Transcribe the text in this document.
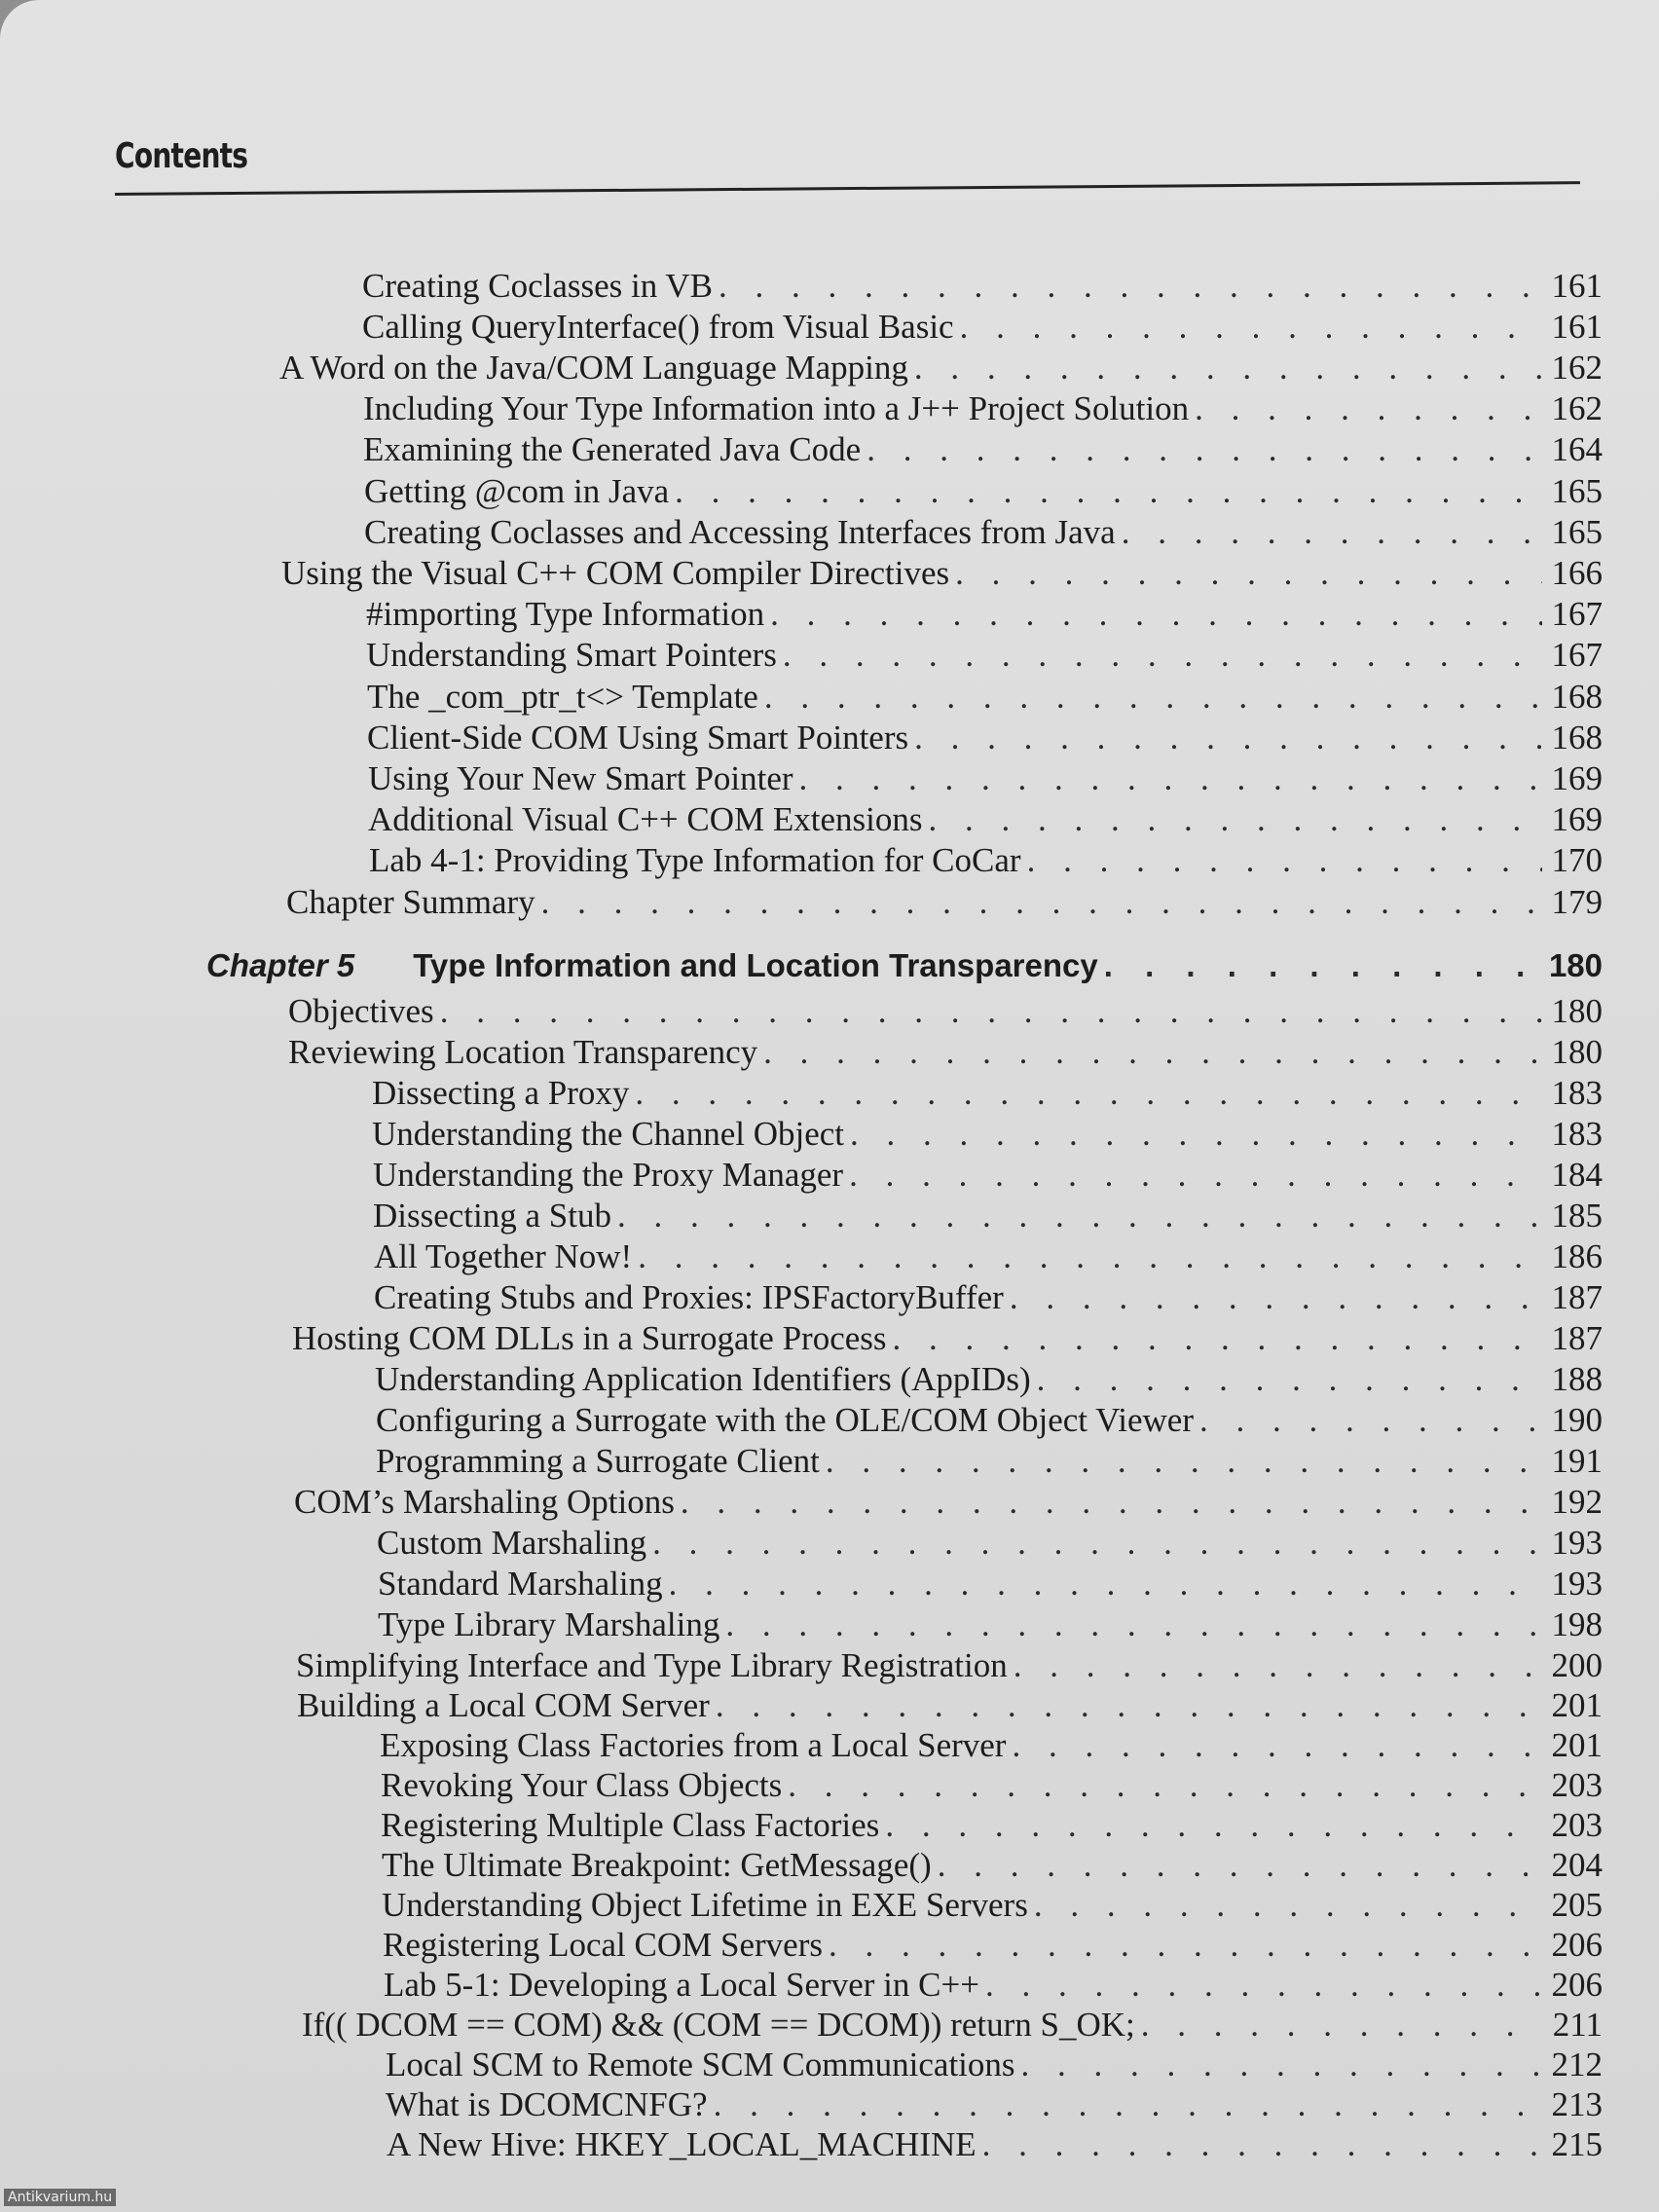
Contents
Creating Coclasses in VB . . .	161
Calling QueryInterface() from Visual Basic . . .	161
A Word on the Java/COM Language Mapping . . .	162
Including Your Type Information into a J++ Project Solution . . .	162
Examining the Generated Java Code . . .	164
Getting @com in Java . . .	165
Creating Coclasses and Accessing Interfaces from Java . . .	165
Using the Visual C++ COM Compiler Directives . . .	166
#importing Type Information . . .	167
Understanding Smart Pointers . . .	167
The _com_ptr_t<> Template . . .	168
Client-Side COM Using Smart Pointers . . .	168
Using Your New Smart Pointer . . .	169
Additional Visual C++ COM Extensions . . .	169
Lab 4-1: Providing Type Information for CoCar . . .	170
Chapter Summary . . .	179
Chapter 5 Type Information and Location Transparency . . .	180
Objectives . . .	180
Reviewing Location Transparency . . .	180
Dissecting a Proxy . . .	183
Understanding the Channel Object . . .	183
Understanding the Proxy Manager . . .	184
Dissecting a Stub . . .	185
All Together Now! . . .	186
Creating Stubs and Proxies: IPSFactoryBuffer . . .	187
Hosting COM DLLs in a Surrogate Process . . .	187
Understanding Application Identifiers (AppIDs) . . .	188
Configuring a Surrogate with the OLE/COM Object Viewer . . .	190
Programming a Surrogate Client . . .	191
COM’s Marshaling Options . . .	192
Custom Marshaling . . .	193
Standard Marshaling . . .	193
Type Library Marshaling . . .	198
Simplifying Interface and Type Library Registration . . .	200
Building a Local COM Server . . .	201
Exposing Class Factories from a Local Server . . .	201
Revoking Your Class Objects . . .	203
Registering Multiple Class Factories . . .	203
The Ultimate Breakpoint: GetMessage() . . .	204
Understanding Object Lifetime in EXE Servers . . .	205
Registering Local COM Servers . . .	206
Lab 5-1: Developing a Local Server in C++ . . .	206
If(( DCOM == COM) && (COM == DCOM)) return S_OK; . . .	211
Local SCM to Remote SCM Communications . . .	212
What is DCOMCNFG? . . .	213
A New Hive: HKEY_LOCAL_MACHINE . . .	215
Antikvarium.hu
